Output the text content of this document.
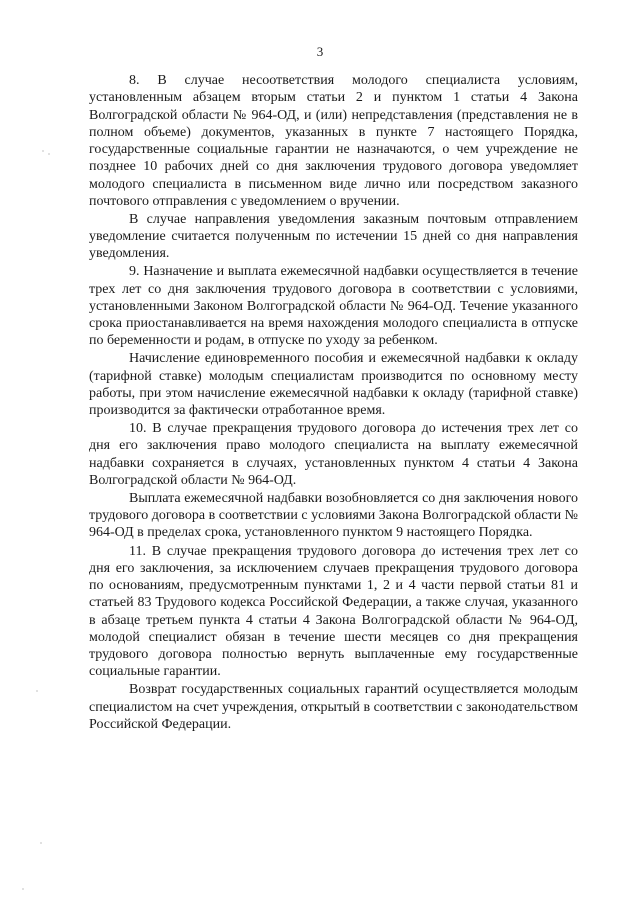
3

8. В случае несоответствия молодого специалиста условиям, установленным абзацем вторым статьи 2 и пунктом 1 статьи 4 Закона Волгоградской области № 964-ОД, и (или) непредставления (представления не в полном объеме) документов, указанных в пункте 7 настоящего Порядка, государственные социальные гарантии не назначаются, о чем учреждение не позднее 10 рабочих дней со дня заключения трудового договора уведомляет молодого специалиста в письменном виде лично или посредством заказного почтового отправления с уведомлением о вручении.

В случае направления уведомления заказным почтовым отправлением уведомление считается полученным по истечении 15 дней со дня направления уведомления.

9. Назначение и выплата ежемесячной надбавки осуществляется в течение трех лет со дня заключения трудового договора в соответствии с условиями, установленными Законом Волгоградской области № 964-ОД. Течение указанного срока приостанавливается на время нахождения молодого специалиста в отпуске по беременности и родам, в отпуске по уходу за ребенком.

Начисление единовременного пособия и ежемесячной надбавки к окладу (тарифной ставке) молодым специалистам производится по основному месту работы, при этом начисление ежемесячной надбавки к окладу (тарифной ставке) производится за фактически отработанное время.

10. В случае прекращения трудового договора до истечения трех лет со дня его заключения право молодого специалиста на выплату ежемесячной надбавки сохраняется в случаях, установленных пунктом 4 статьи 4 Закона Волгоградской области № 964-ОД.

Выплата ежемесячной надбавки возобновляется со дня заключения нового трудового договора в соответствии с условиями Закона Волгоградской области № 964-ОД в пределах срока, установленного пунктом 9 настоящего Порядка.

11. В случае прекращения трудового договора до истечения трех лет со дня его заключения, за исключением случаев прекращения трудового договора по основаниям, предусмотренным пунктами 1, 2 и 4 части первой статьи 81 и статьей 83 Трудового кодекса Российской Федерации, а также случая, указанного в абзаце третьем пункта 4 статьи 4 Закона Волгоградской области № 964-ОД, молодой специалист обязан в течение шести месяцев со дня прекращения трудового договора полностью вернуть выплаченные ему государственные социальные гарантии.

Возврат государственных социальных гарантий осуществляется молодым специалистом на счет учреждения, открытый в соответствии с законодательством Российской Федерации.
